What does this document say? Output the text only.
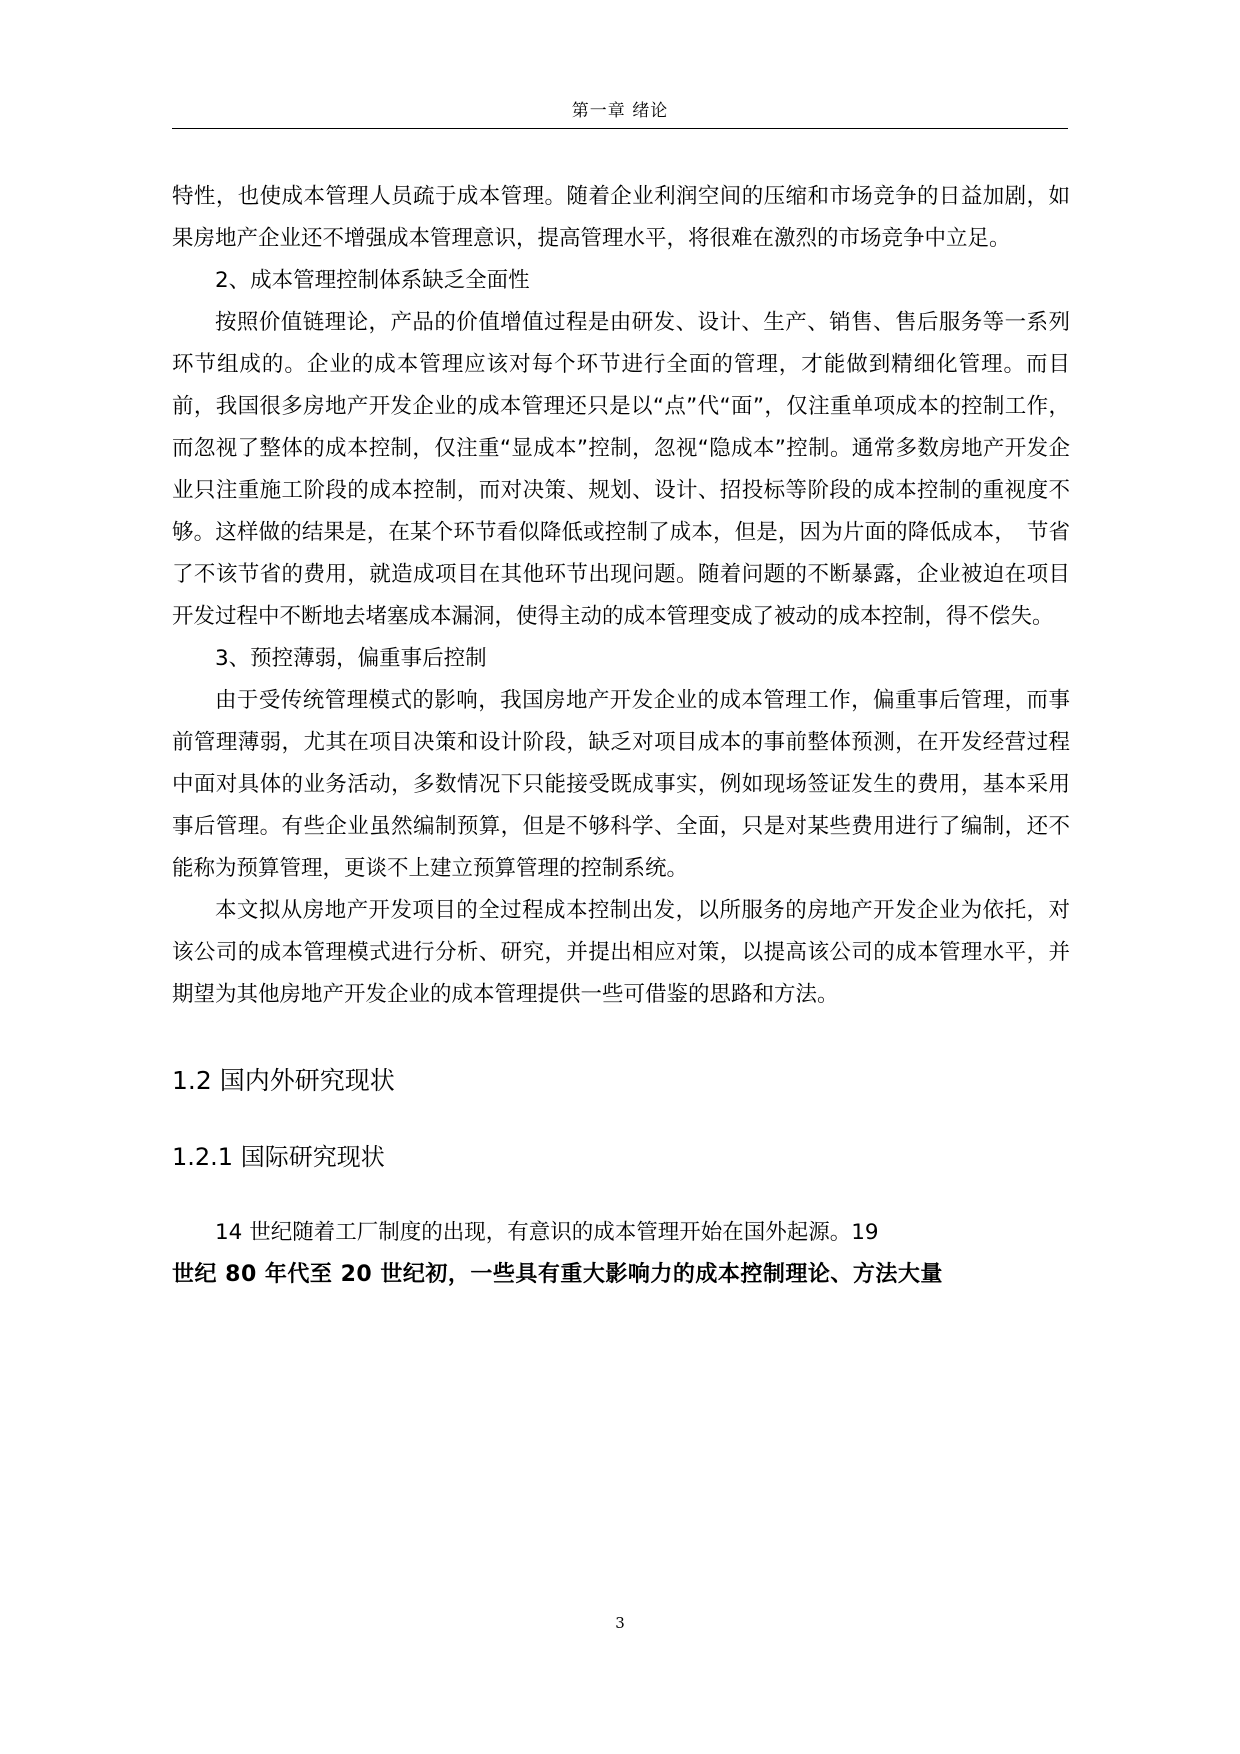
第一章 绪论

特性，也使成本管理人员疏于成本管理。随着企业利润空间的压缩和市场竞争的日益加剧，如果房地产企业还不增强成本管理意识，提高管理水平，将很难在激烈的市场竞争中立足。

2、成本管理控制体系缺乏全面性

按照价值链理论，产品的价值增值过程是由研发、设计、生产、销售、售后服务等一系列环节组成的。企业的成本管理应该对每个环节进行全面的管理，才能做到精细化管理。而目前，我国很多房地产开发企业的成本管理还只是以“点”代“面”，仅注重单项成本的控制工作，而忽视了整体的成本控制，仅注重“显成本”控制，忽视“隐成本”控制。通常多数房地产开发企业只注重施工阶段的成本控制，而对决策、规划、设计、招投标等阶段的成本控制的重视度不够。这样做的结果是，在某个环节看似降低或控制了成本，但是，因为片面的降低成本，　节省了不该节省的费用，就造成项目在其他环节出现问题。随着问题的不断暴露，企业被迫在项目开发过程中不断地去堵塞成本漏洞，使得主动的成本管理变成了被动的成本控制，得不偿失。

3、预控薄弱，偏重事后控制

由于受传统管理模式的影响，我国房地产开发企业的成本管理工作，偏重事后管理，而事前管理薄弱，尤其在项目决策和设计阶段，缺乏对项目成本的事前整体预测，在开发经营过程中面对具体的业务活动，多数情况下只能接受既成事实，例如现场签证发生的费用，基本采用事后管理。有些企业虽然编制预算，但是不够科学、全面，只是对某些费用进行了编制，还不能称为预算管理，更谈不上建立预算管理的控制系统。

本文拟从房地产开发项目的全过程成本控制出发，以所服务的房地产开发企业为依托，对该公司的成本管理模式进行分析、研究，并提出相应对策，以提高该公司的成本管理水平，并期望为其他房地产开发企业的成本管理提供一些可借鉴的思路和方法。

1.2 国内外研究现状
1.2.1 国际研究现状

14 世纪随着工厂制度的出现，有意识的成本管理开始在国外起源。19

世纪 80 年代至 20 世纪初，一些具有重大影响力的成本控制理论、方法大量

3
